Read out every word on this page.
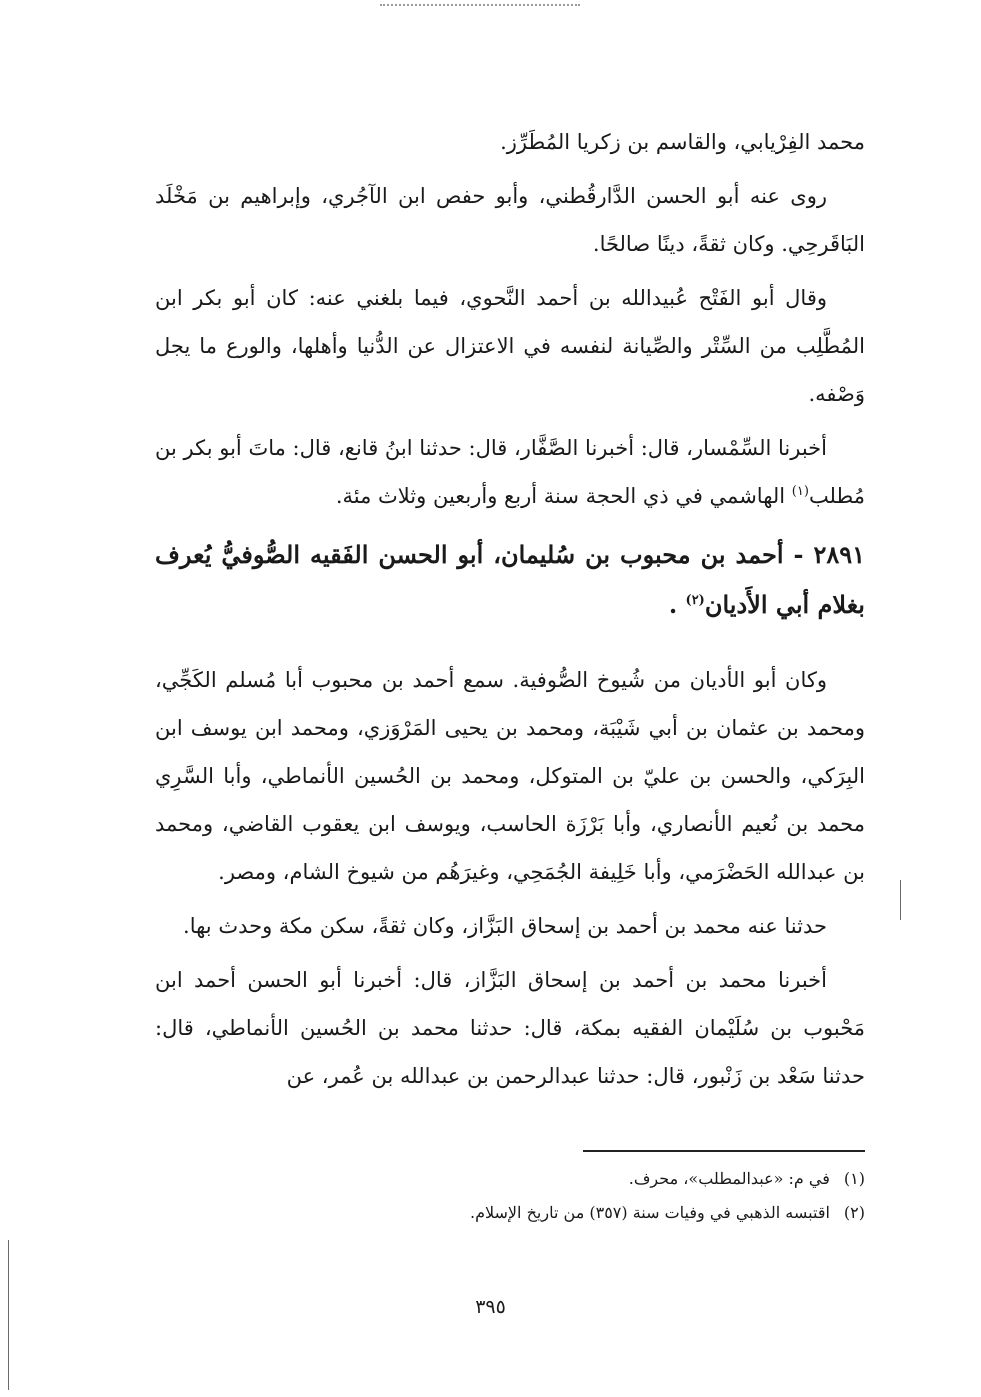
محمد الفِرْيابي، والقاسم بن زكريا المُطَرِّز.

روى عنه أبو الحسن الدَّارقُطني، وأبو حفص ابن الآجُري، وإبراهيم بن مَخْلَد البَاقَرحِي. وكان ثقةً، دينًا صالحًا.

وقال أبو الفَتْح عُبيدالله بن أحمد النَّحوي، فيما بلغني عنه: كان أبو بكر ابن المُطَّلِب من السِّتْر والصِّيانة لنفسه في الاعتزال عن الدُّنيا وأهلها، والورع ما يجل وَصْفه.

أخبرنا السِّمْسار، قال: أخبرنا الصَّفَّار، قال: حدثنا ابنُ قانع، قال: ماتَ أبو بكر بن مُطلب$^{(١)}$ الهاشمي في ذي الحجة سنة أربع وأربعين وثلاث مئة.

٢٨٩١ - أحمد بن محبوب بن سُليمان، أبو الحسن الفَقيه الصُّوفيُّ يُعرف بغلام أبي الأَديان$^{(٢)}$ .

وكان أبو الأديان من شُيوخ الصُّوفية. سمع أحمد بن محبوب أبا مُسلم الكَجِّي، ومحمد بن عثمان بن أبي شَيْبَة، ومحمد بن يحيى المَرْوَزي، ومحمد ابن يوسف ابن البِرَكي، والحسن بن عليّ بن المتوكل، ومحمد بن الحُسين الأنماطي، وأبا السَّرِي محمد بن نُعيم الأنصاري، وأبا بَرْزَة الحاسب، ويوسف ابن يعقوب القاضي، ومحمد بن عبدالله الحَضْرَمي، وأبا خَلِيفة الجُمَحِي، وغيرَهُم من شيوخ الشام، ومصر.

حدثنا عنه محمد بن أحمد بن إسحاق البَزَّاز، وكان ثقةً، سكن مكة وحدث بها.

أخبرنا محمد بن أحمد بن إسحاق البَزَّاز، قال: أخبرنا أبو الحسن أحمد ابن مَحْبوب بن سُلَيْمان الفقيه بمكة، قال: حدثنا محمد بن الحُسين الأنماطي، قال: حدثنا سَعْد بن زَنْبور، قال: حدثنا عبدالرحمن بن عبدالله بن عُمر، عن

(١)في م: «عبدالمطلب»، محرف.
(٢)اقتبسه الذهبي في وفيات سنة (٣٥٧) من تاريخ الإسلام.
٣٩٥
